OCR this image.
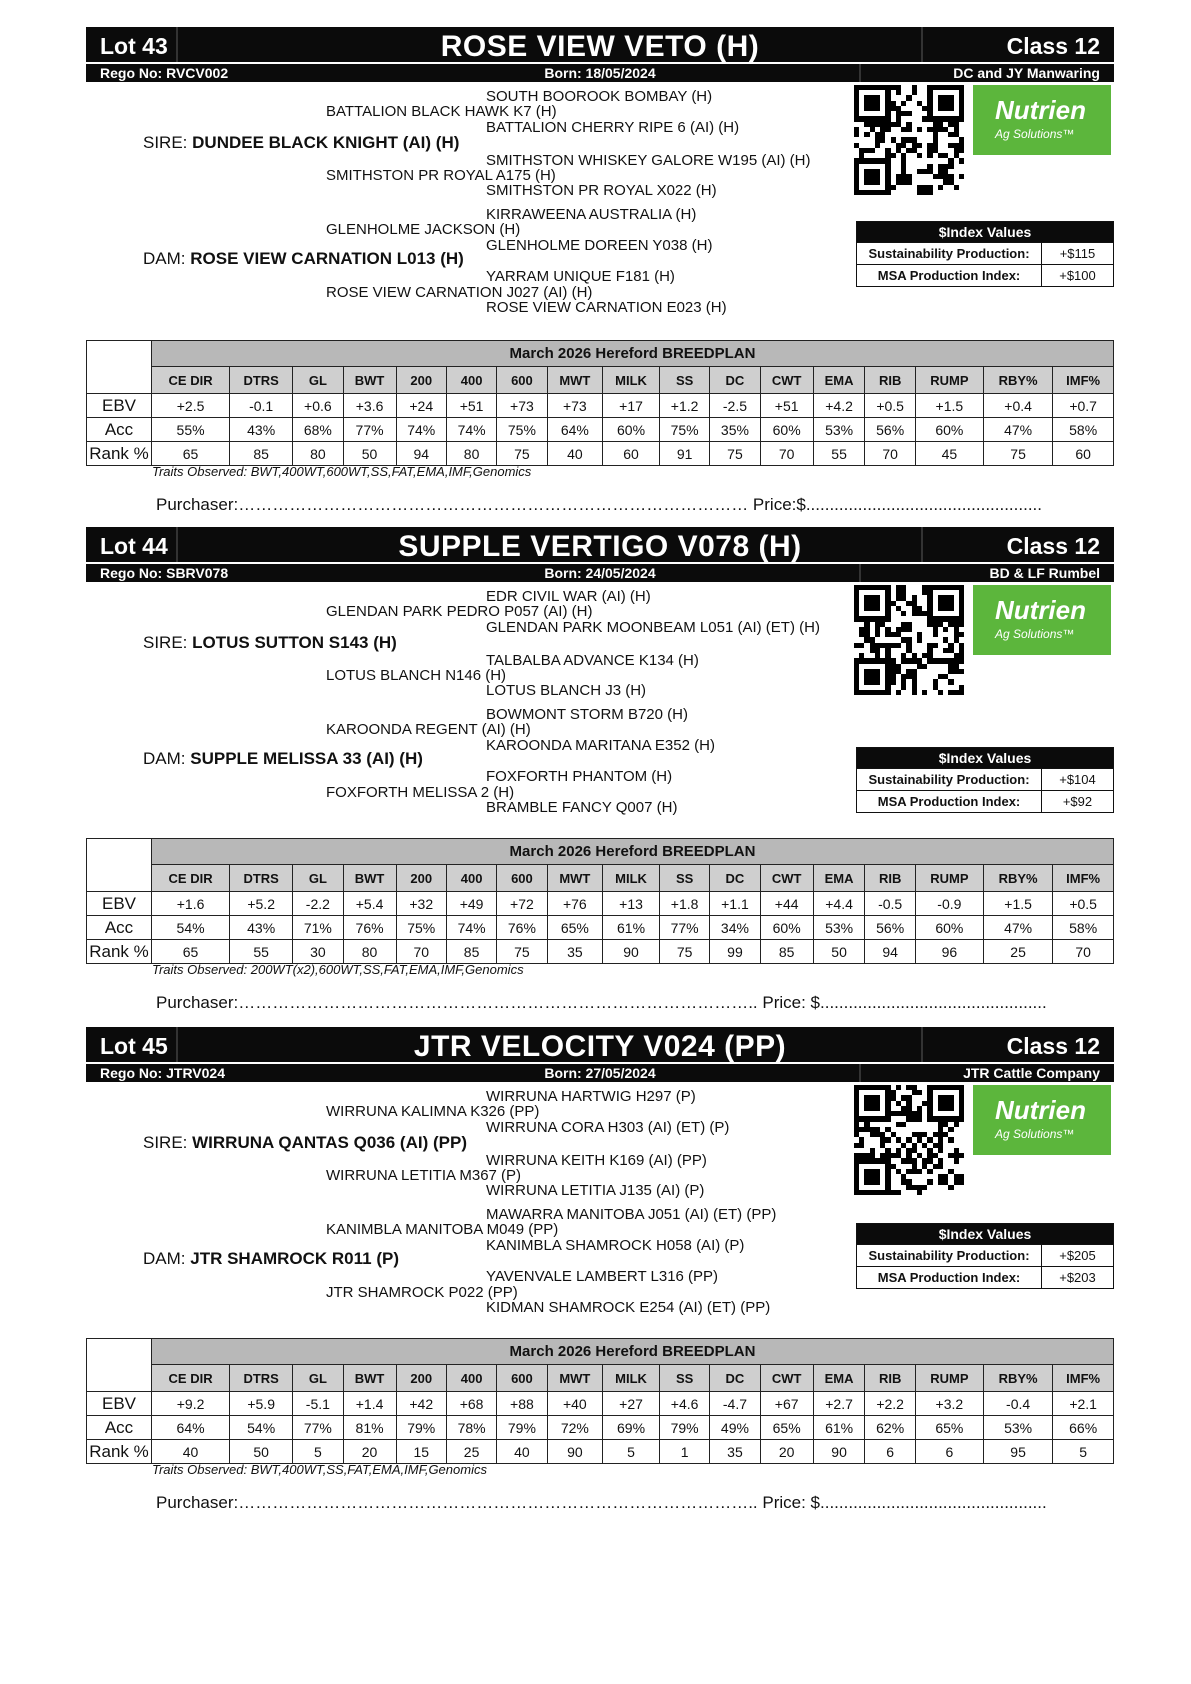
Lot 43	ROSE VIEW VETO (H)	Class 12
Rego No: RVCV002	Born: 18/05/2024	DC and JY Manwaring
SOUTH BOOROOK BOMBAY (H)
BATTALION BLACK HAWK K7 (H)
BATTALION CHERRY RIPE 6 (AI) (H)
SMITHSTON WHISKEY GALORE W195 (AI) (H)
SMITHSTON PR ROYAL A175 (H)
SMITHSTON PR ROYAL X022 (H)
KIRRAWEENA AUSTRALIA (H)
GLENHOLME JACKSON (H)
GLENHOLME DOREEN Y038 (H)
YARRAM UNIQUE F181 (H)
ROSE VIEW CARNATION J027 (AI) (H)
ROSE VIEW CARNATION E023 (H)
SIRE: DUNDEE BLACK KNIGHT (AI) (H)
DAM: ROSE VIEW CARNATION L013 (H)
Nutrien
Ag Solutions™
$Index Values
Sustainability Production:	+$115
MSA Production Index:	+$100
	March 2026 Hereford BREEDPLAN																
	CE DIR	DTRS	GL	BWT	200	400	600	MWT	MILK	SS	DC	CWT	EMA	RIB	RUMP	RBY%	IMF%
EBV	+2.5	-0.1	+0.6	+3.6	+24	+51	+73	+73	+17	+1.2	-2.5	+51	+4.2	+0.5	+1.5	+0.4	+0.7
Acc	55%	43%	68%	77%	74%	74%	75%	64%	60%	75%	35%	60%	53%	56%	60%	47%	58%
Rank %	65	85	80	50	94	80	75	40	60	91	75	70	55	70	45	75	60
Traits Observed: BWT,400WT,600WT,SS,FAT,EMA,IMF,Genomics
Purchaser:……………………………………………………………………………… Price:$..................................................
Lot 44	SUPPLE VERTIGO V078 (H)	Class 12
Rego No: SBRV078	Born: 24/05/2024	BD & LF Rumbel
EDR CIVIL WAR (AI) (H)
GLENDAN PARK PEDRO P057 (AI) (H)
GLENDAN PARK MOONBEAM L051 (AI) (ET) (H)
TALBALBA ADVANCE K134 (H)
LOTUS BLANCH N146 (H)
LOTUS BLANCH J3 (H)
BOWMONT STORM B720 (H)
KAROONDA REGENT (AI) (H)
KAROONDA MARITANA E352 (H)
FOXFORTH PHANTOM (H)
FOXFORTH MELISSA 2 (H)
BRAMBLE FANCY Q007 (H)
SIRE: LOTUS SUTTON S143 (H)
DAM: SUPPLE MELISSA 33 (AI) (H)
Nutrien
Ag Solutions™
$Index Values
Sustainability Production:	+$104
MSA Production Index:	+$92
	March 2026 Hereford BREEDPLAN																
	CE DIR	DTRS	GL	BWT	200	400	600	MWT	MILK	SS	DC	CWT	EMA	RIB	RUMP	RBY%	IMF%
EBV	+1.6	+5.2	-2.2	+5.4	+32	+49	+72	+76	+13	+1.8	+1.1	+44	+4.4	-0.5	-0.9	+1.5	+0.5
Acc	54%	43%	71%	76%	75%	74%	76%	65%	61%	77%	34%	60%	53%	56%	60%	47%	58%
Rank %	65	55	30	80	70	85	75	35	90	75	99	85	50	94	96	25	70
Traits Observed: 200WT(x2),600WT,SS,FAT,EMA,IMF,Genomics
Purchaser:……………………………………………………………………………….. Price: $................................................
Lot 45	JTR VELOCITY V024 (PP)	Class 12
Rego No: JTRV024	Born: 27/05/2024	JTR Cattle Company
WIRRUNA HARTWIG H297 (P)
WIRRUNA KALIMNA K326 (PP)
WIRRUNA CORA H303 (AI) (ET) (P)
WIRRUNA KEITH K169 (AI) (PP)
WIRRUNA LETITIA M367 (P)
WIRRUNA LETITIA J135 (AI) (P)
MAWARRA MANITOBA J051 (AI) (ET) (PP)
KANIMBLA MANITOBA M049 (PP)
KANIMBLA SHAMROCK H058 (AI) (P)
YAVENVALE LAMBERT L316 (PP)
JTR SHAMROCK P022 (PP)
KIDMAN SHAMROCK E254 (AI) (ET) (PP)
SIRE: WIRRUNA QANTAS Q036 (AI) (PP)
DAM: JTR SHAMROCK R011 (P)
Nutrien
Ag Solutions™
$Index Values
Sustainability Production:	+$205
MSA Production Index:	+$203
	March 2026 Hereford BREEDPLAN																
	CE DIR	DTRS	GL	BWT	200	400	600	MWT	MILK	SS	DC	CWT	EMA	RIB	RUMP	RBY%	IMF%
EBV	+9.2	+5.9	-5.1	+1.4	+42	+68	+88	+40	+27	+4.6	-4.7	+67	+2.7	+2.2	+3.2	-0.4	+2.1
Acc	64%	54%	77%	81%	79%	78%	79%	72%	69%	79%	49%	65%	61%	62%	65%	53%	66%
Rank %	40	50	5	20	15	25	40	90	5	1	35	20	90	6	6	95	5
Traits Observed: BWT,400WT,SS,FAT,EMA,IMF,Genomics
Purchaser:……………………………………………………………………………….. Price: $................................................
